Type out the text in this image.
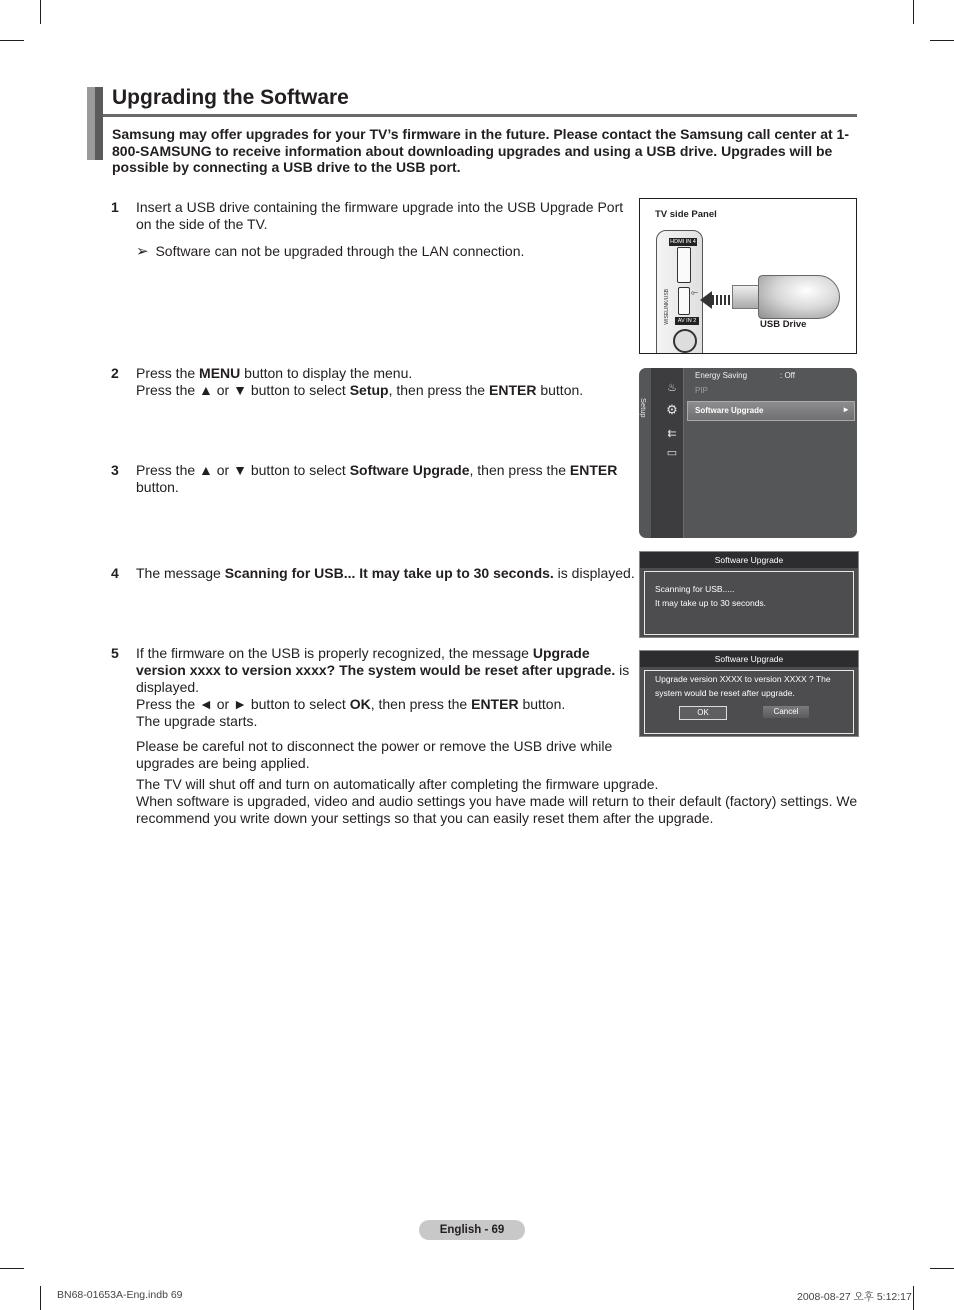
Upgrading the Software
Samsung may offer upgrades for your TV’s firmware in the future. Please contact the Samsung call center at 1-800-SAMSUNG to receive information about downloading upgrades and using a USB drive. Upgrades will be possible by connecting a USB drive to the USB port.
1 Insert a USB drive containing the firmware upgrade into the USB Upgrade Port
on the side of the TV.
➢ Software can not be upgraded through the LAN connection.
TV side Panel
HDMI IN 4
WISELINK/USB ⟜
AV IN 2	USB Drive
2 Press the MENU button to display the menu.
Press the ▲ or ▼ button to select Setup, then press the ENTER button.
Setup
♨
⚙
⇇
▭
Energy Saving	: Off
PIP
Software Upgrade	►
3 Press the ▲ or ▼ button to select Software Upgrade, then press the ENTER
button.
4 The message Scanning for USB... It may take up to 30 seconds. is displayed.
Software Upgrade
Scanning for USB.....
It may take up to 30 seconds.
5 If the firmware on the USB is properly recognized, the message Upgrade
version xxxx to version xxxx? The system would be reset after upgrade. is
displayed.
Press the ◄ or ► button to select OK, then press the ENTER button.
The upgrade starts.
Please be careful not to disconnect the power or remove the USB drive while
upgrades are being applied.
The TV will shut off and turn on automatically after completing the firmware upgrade.
When software is upgraded, video and audio settings you have made will return to their default (factory) settings. We
recommend you write down your settings so that you can easily reset them after the upgrade.
Software Upgrade
Upgrade version XXXX to version XXXX ? The
system would be reset after upgrade.
OK	Cancel
English - 69
BN68-01653A-Eng.indb 69	2008-08-27 오후 5:12:17
